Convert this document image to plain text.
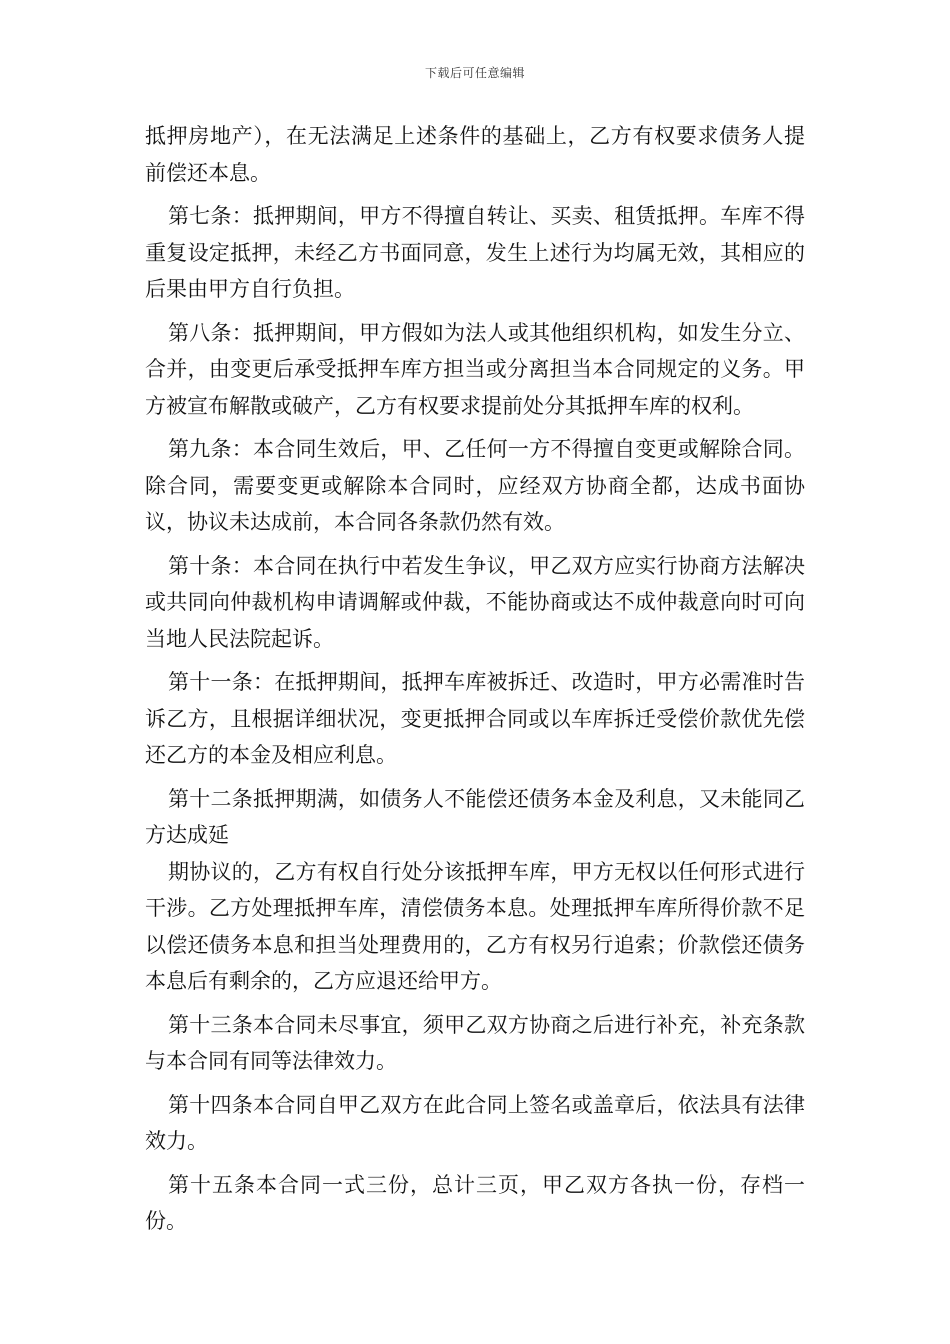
下载后可任意编辑

抵押房地产），在无法满足上述条件的基础上，乙方有权要求债务人提前偿还本息。

第七条：抵押期间，甲方不得擅自转让、买卖、租赁抵押。车库不得重复设定抵押，未经乙方书面同意，发生上述行为均属无效，其相应的后果由甲方自行负担。

第八条：抵押期间，甲方假如为法人或其他组织机构，如发生分立、合并，由变更后承受抵押车库方担当或分离担当本合同规定的义务。甲方被宣布解散或破产，乙方有权要求提前处分其抵押车库的权利。

第九条：本合同生效后，甲、乙任何一方不得擅自变更或解除合同。除合同，需要变更或解除本合同时，应经双方协商全都，达成书面协议，协议未达成前，本合同各条款仍然有效。

第十条：本合同在执行中若发生争议，甲乙双方应实行协商方法解决或共同向仲裁机构申请调解或仲裁，不能协商或达不成仲裁意向时可向当地人民法院起诉。

第十一条：在抵押期间，抵押车库被拆迁、改造时，甲方必需准时告诉乙方，且根据详细状况，变更抵押合同或以车库拆迁受偿价款优先偿还乙方的本金及相应利息。

第十二条抵押期满，如债务人不能偿还债务本金及利息，又未能同乙方达成延

期协议的，乙方有权自行处分该抵押车库，甲方无权以任何形式进行干涉。乙方处理抵押车库，清偿债务本息。处理抵押车库所得价款不足以偿还债务本息和担当处理费用的，乙方有权另行追索；价款偿还债务本息后有剩余的，乙方应退还给甲方。

第十三条本合同未尽事宜，须甲乙双方协商之后进行补充，补充条款与本合同有同等法律效力。

第十四条本合同自甲乙双方在此合同上签名或盖章后，依法具有法律效力。

第十五条本合同一式三份，总计三页，甲乙双方各执一份，存档一份。
